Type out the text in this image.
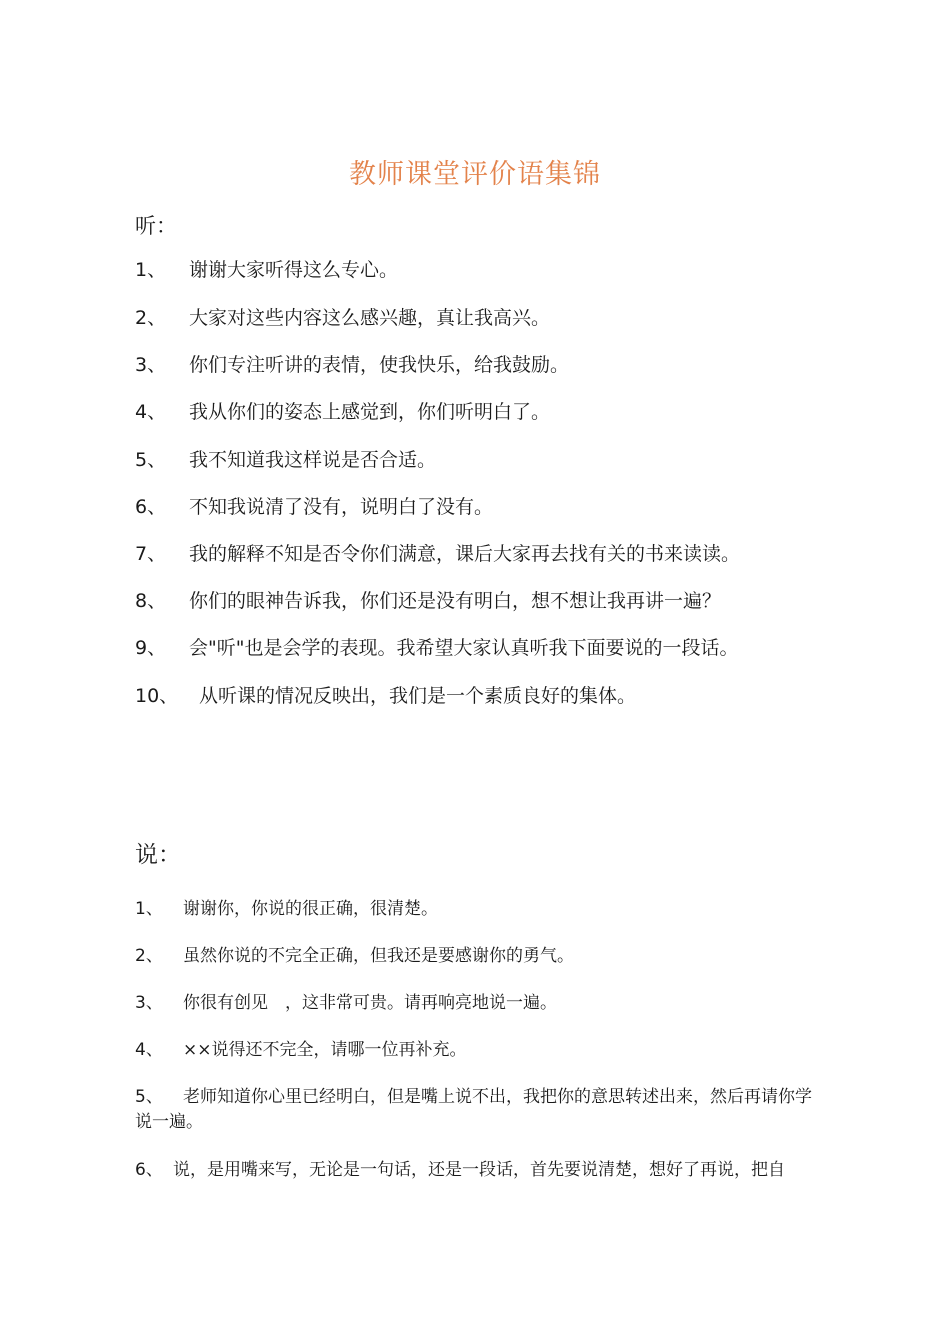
教师课堂评价语集锦
听：
1、	谢谢大家听得这么专心。
2、	大家对这些内容这么感兴趣，真让我高兴。
3、	你们专注听讲的表情，使我快乐，给我鼓励。
4、	我从你们的姿态上感觉到，你们听明白了。
5、	我不知道我这样说是否合适。
6、	不知我说清了没有，说明白了没有。
7、	我的解释不知是否令你们满意，课后大家再去找有关的书来读读。
8、	你们的眼神告诉我，你们还是没有明白，想不想让我再讲一遍？
9、	会"听"也是会学的表现。我希望大家认真听我下面要说的一段话。
10、	从听课的情况反映出，我们是一个素质良好的集体。
说：
1、	谢谢你，你说的很正确，很清楚。
2、	虽然你说的不完全正确，但我还是要感谢你的勇气。
3、	你很有创见　，这非常可贵。请再响亮地说一遍。
4、	××说得还不完全，请哪一位再补充。
5、	老师知道你心里已经明白，但是嘴上说不出，我把你的意思转述出来，然后再请你学说一遍。
6、 说，是用嘴来写，无论是一句话，还是一段话，首先要说清楚，想好了再说，把自
